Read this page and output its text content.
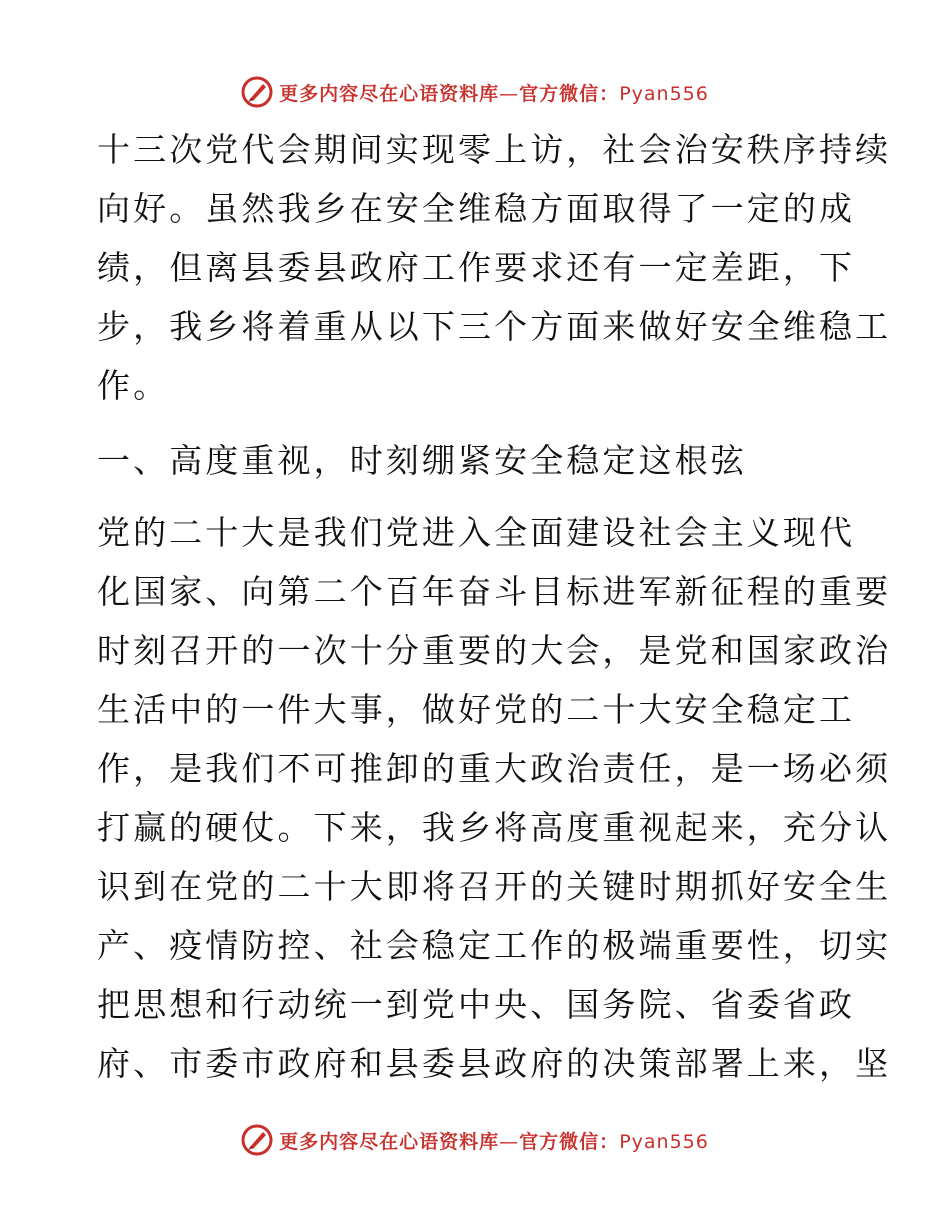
更多内容尽在心语资料库—官方微信：Pyan556
十三次党代会期间实现零上访，社会治安秩序持续
向好。虽然我乡在安全维稳方面取得了一定的成
绩，但离县委县政府工作要求还有一定差距，下
步，我乡将着重从以下三个方面来做好安全维稳工
作。
一、高度重视，时刻绷紧安全稳定这根弦
党的二十大是我们党进入全面建设社会主义现代
化国家、向第二个百年奋斗目标进军新征程的重要
时刻召开的一次十分重要的大会，是党和国家政治
生活中的一件大事，做好党的二十大安全稳定工
作，是我们不可推卸的重大政治责任，是一场必须
打赢的硬仗。下来，我乡将高度重视起来，充分认
识到在党的二十大即将召开的关键时期抓好安全生
产、疫情防控、社会稳定工作的极端重要性，切实
把思想和行动统一到党中央、国务院、省委省政
府、市委市政府和县委县政府的决策部署上来，坚
更多内容尽在心语资料库—官方微信：Pyan556
